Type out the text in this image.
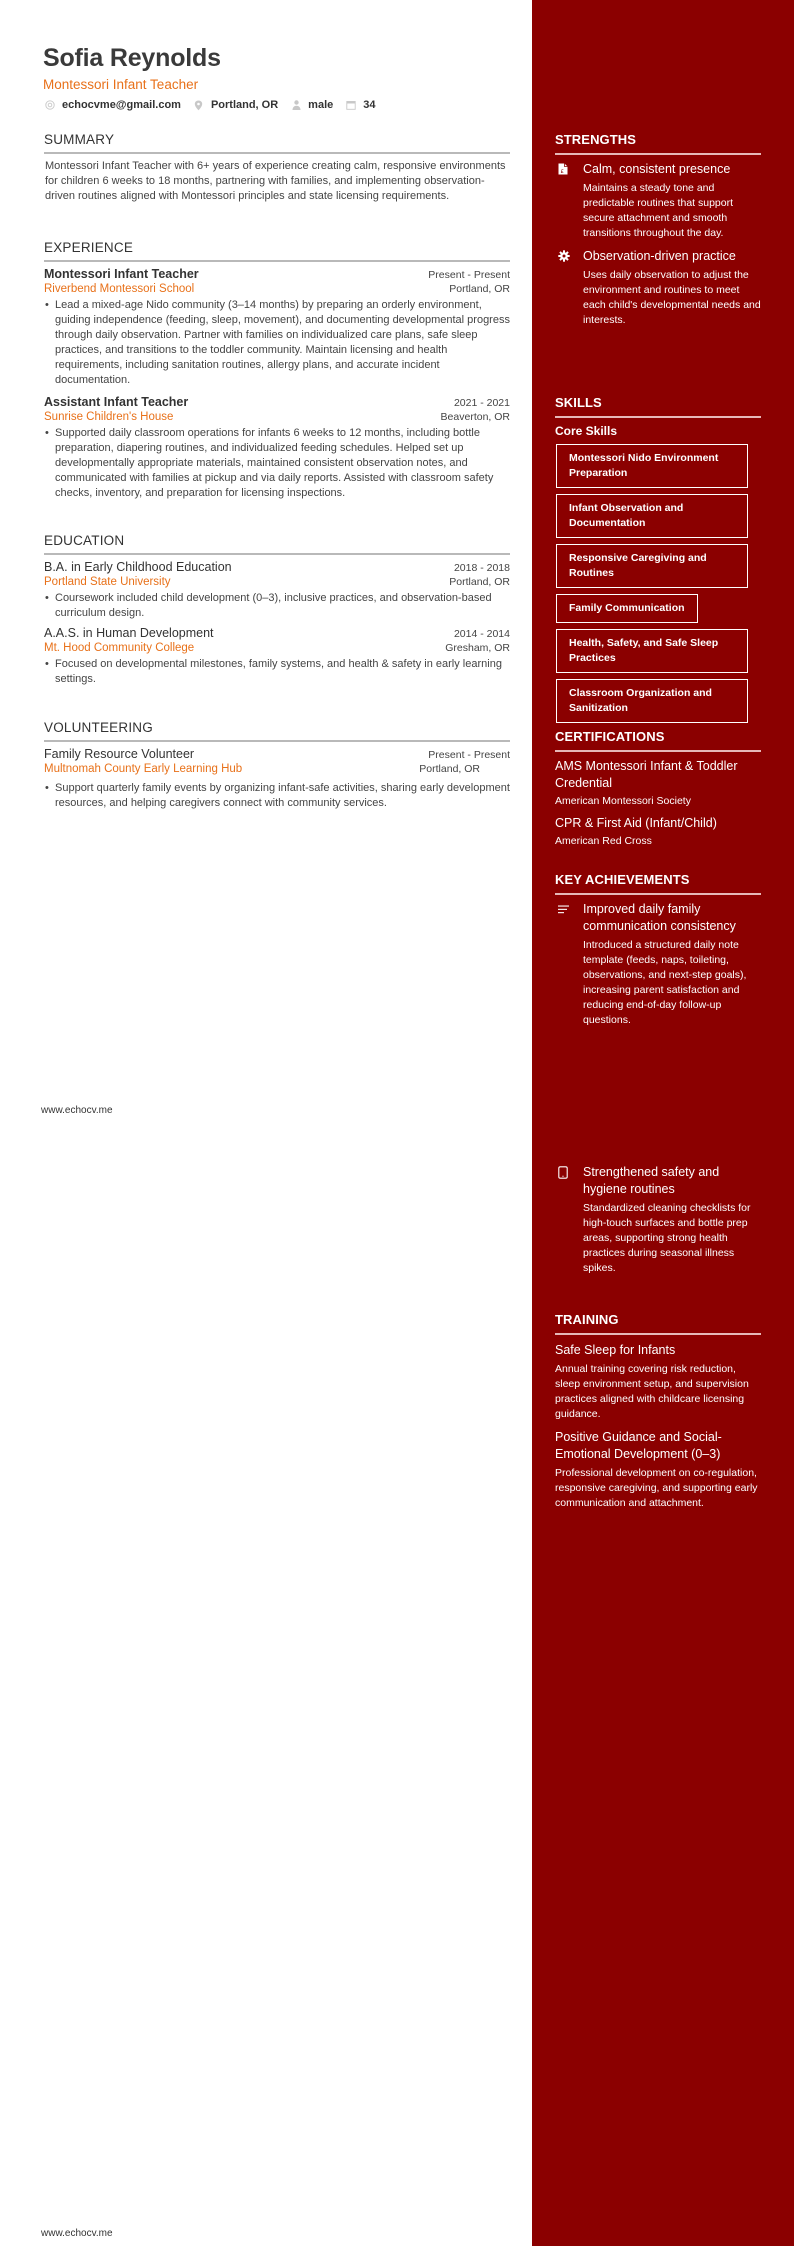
Sofia Reynolds
Montessori Infant Teacher
echocvme@gmail.com	Portland, OR	male	34
SUMMARY
Montessori Infant Teacher with 6+ years of experience creating calm, responsive environments for children 6 weeks to 18 months, partnering with families, and implementing observation-driven routines aligned with Montessori principles and state licensing requirements.
EXPERIENCE
Montessori Infant Teacher	Present - Present
Riverbend Montessori School	Portland, OR
• Lead a mixed-age Nido community (3–14 months) by preparing an orderly environment, guiding independence (feeding, sleep, movement), and documenting developmental progress through daily observation. Partner with families on individualized care plans, safe sleep practices, and transitions to the toddler community. Maintain licensing and health requirements, including sanitation routines, allergy plans, and accurate incident documentation.
Assistant Infant Teacher	2021 - 2021
Sunrise Children's House	Beaverton, OR
• Supported daily classroom operations for infants 6 weeks to 12 months, including bottle preparation, diapering routines, and individualized feeding schedules. Helped set up developmentally appropriate materials, maintained consistent observation notes, and communicated with families at pickup and via daily reports. Assisted with classroom safety checks, inventory, and preparation for licensing inspections.
EDUCATION
B.A. in Early Childhood Education	2018 - 2018
Portland State University	Portland, OR
• Coursework included child development (0–3), inclusive practices, and observation-based curriculum design.
A.A.S. in Human Development	2014 - 2014
Mt. Hood Community College	Gresham, OR
• Focused on developmental milestones, family systems, and health & safety in early learning settings.
VOLUNTEERING
Family Resource Volunteer	Present - Present
Multnomah County Early Learning Hub	Portland, OR
• Support quarterly family events by organizing infant-safe activities, sharing early development resources, and helping caregivers connect with community services.
www.echocv.me
www.echocv.me
STRENGTHS
£ Calm, consistent presence
Maintains a steady tone and predictable routines that support secure attachment and smooth transitions throughout the day.
Observation-driven practice
Uses daily observation to adjust the environment and routines to meet each child's developmental needs and interests.
SKILLS
Core Skills
Montessori Nido Environment Preparation
Infant Observation and Documentation
Responsive Caregiving and Routines
Family Communication
Health, Safety, and Safe Sleep Practices
Classroom Organization and Sanitization
CERTIFICATIONS
AMS Montessori Infant & Toddler Credential
American Montessori Society
CPR & First Aid (Infant/Child)
American Red Cross
KEY ACHIEVEMENTS
Improved daily family communication consistency
Introduced a structured daily note template (feeds, naps, toileting, observations, and next-step goals), increasing parent satisfaction and reducing end-of-day follow-up questions.
Strengthened safety and hygiene routines
Standardized cleaning checklists for high-touch surfaces and bottle prep areas, supporting strong health practices during seasonal illness spikes.
TRAINING
Safe Sleep for Infants
Annual training covering risk reduction, sleep environment setup, and supervision practices aligned with childcare licensing guidance.
Positive Guidance and Social-Emotional Development (0–3)
Professional development on co-regulation, responsive caregiving, and supporting early communication and attachment.
